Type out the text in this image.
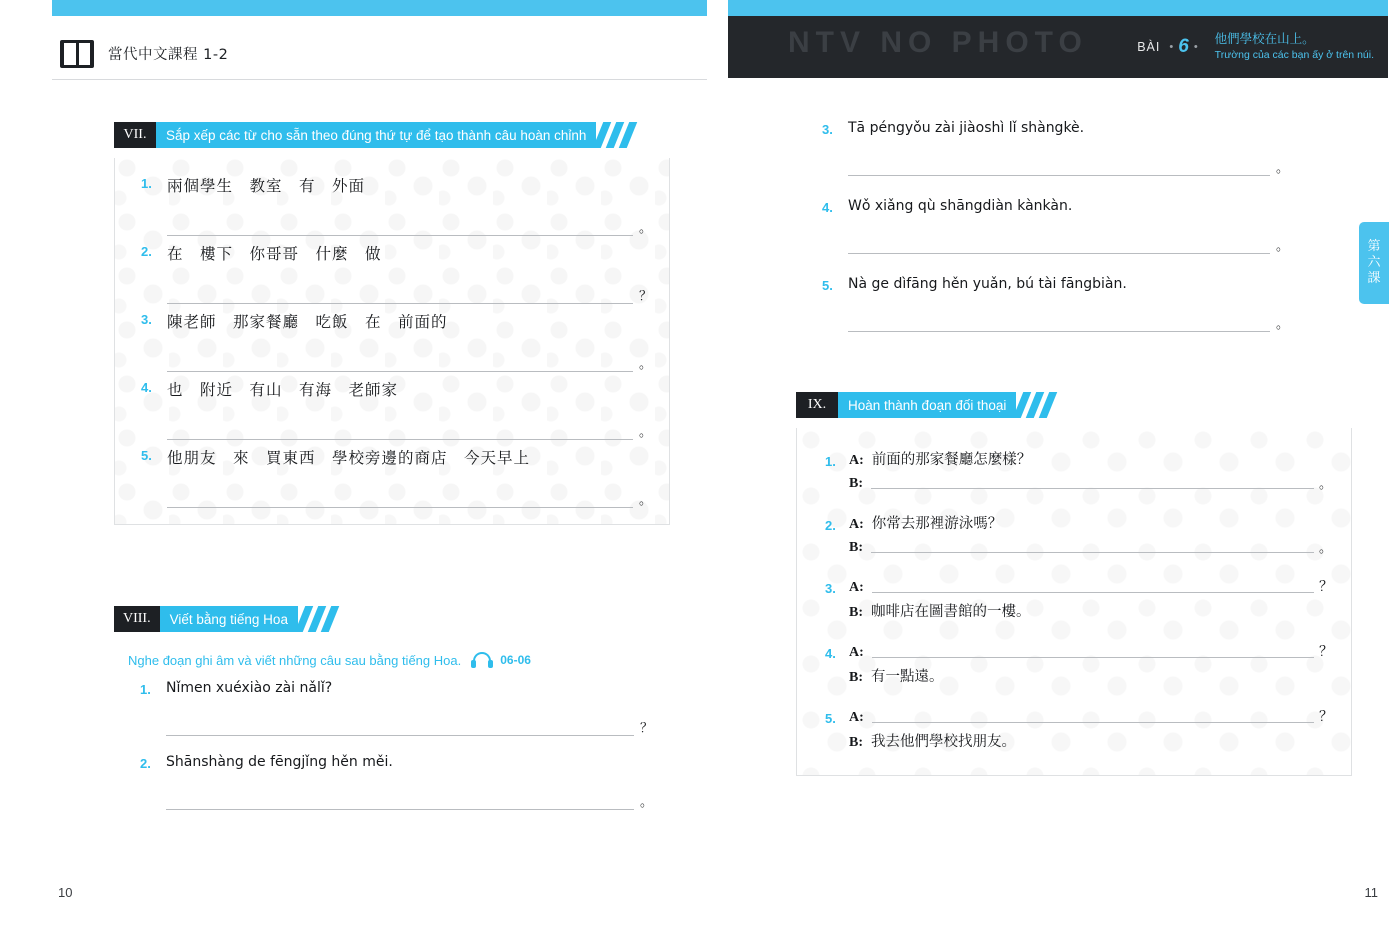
當代中文課程 1-2
VII.	Sắp xếp các từ cho sẵn theo đúng thứ tự để tạo thành câu hoàn chỉnh
1. 兩個學生　教室　有　外面
。
2. 在　樓下　你哥哥　什麼　做
？
3. 陳老師　那家餐廳　吃飯　在　前面的
。
4. 也　附近　有山　有海　老師家
。
5. 他朋友　來　買東西　學校旁邊的商店　今天早上
。
VIII.	Viết bằng tiếng Hoa
Nghe đoạn ghi âm và viết những câu sau bằng tiếng Hoa.	06-06
1.	Nǐmen xuéxiào zài nǎlǐ?
？
2.	Shānshàng de fēngjǐng hěn měi.
。
10
NTV NO PHOTO	BÀI • 6 •
他們學校在山上。
Trường của các bạn ấy ở trên núi.
第
六
課
3.	Tā péngyǒu zài jiàoshì lǐ shàngkè.
。
4.	Wǒ xiǎng qù shāngdiàn kànkàn.
。
5.	Nà ge dìfāng hěn yuǎn, bú tài fāngbiàn.
。
IX.	Hoàn thành đoạn đối thoại
1. A: 前面的那家餐廳怎麼樣？
B:	。
2. A: 你常去那裡游泳嗎？
B:	。
3. A:	？
B: 咖啡店在圖書館的一樓。
4. A:	？
B: 有一點遠。
5. A:	？
B: 我去他們學校找朋友。
11
